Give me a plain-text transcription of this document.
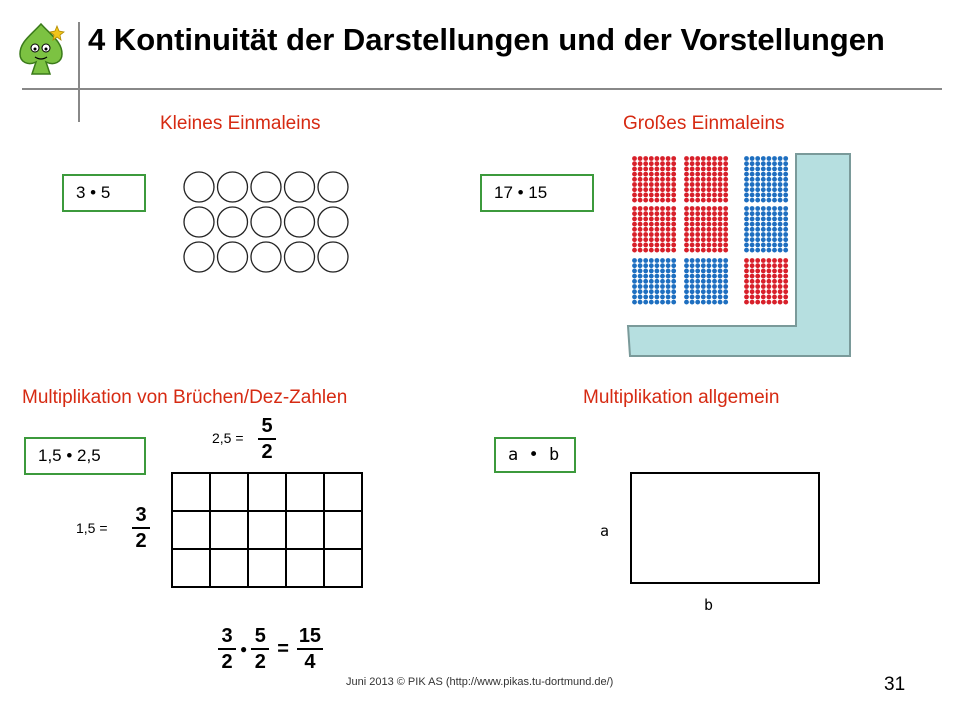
4 Kontinuität der Darstellungen und der Vorstellungen
Kleines Einmaleins
3 • 5
Großes Einmaleins
17 • 15
Multiplikation von Brüchen/Dez-Zahlen
1,5 • 2,5
2,5 =
5
2
1,5 =
3
2
$\frac{3}{2}$ ● $\frac{5}{2} = \frac{15}{4}$
Multiplikation allgemein
a • b
a
b
Juni 2013 © PIK AS (http://www.pikas.tu-dortmund.de/)	31
